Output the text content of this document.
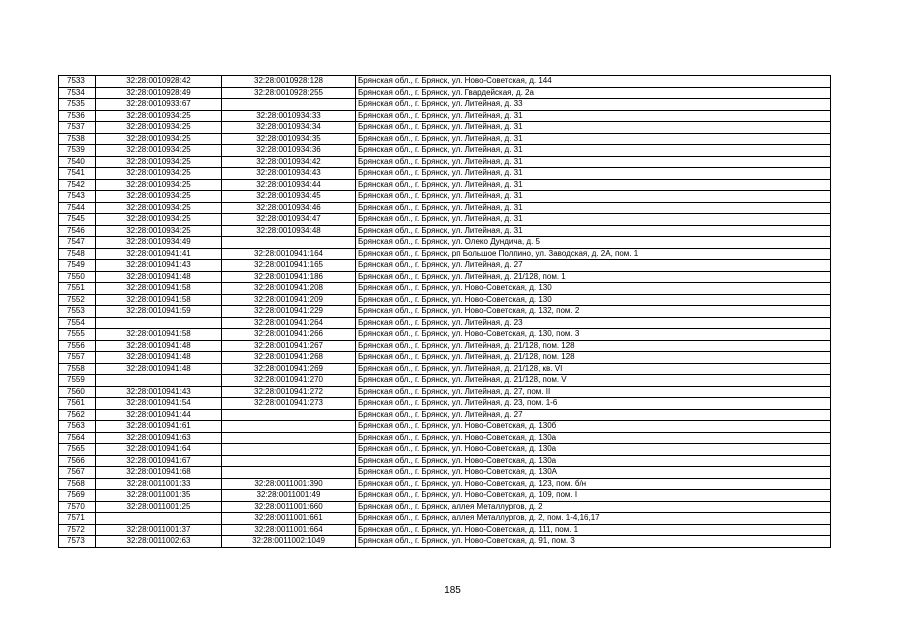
7533	32:28:0010928:42	32:28:0010928:128	Брянская обл., г. Брянск, ул. Ново-Советская, д. 144
7534	32:28:0010928:49	32:28:0010928:255	Брянская обл., г. Брянск, ул. Гвардейская, д. 2а
7535	32:28:0010933:67		Брянская обл., г. Брянск, ул. Литейная, д. 33
7536	32:28:0010934:25	32:28:0010934:33	Брянская обл., г. Брянск, ул. Литейная, д. 31
7537	32:28:0010934:25	32:28:0010934:34	Брянская обл., г. Брянск, ул. Литейная, д. 31
7538	32:28:0010934:25	32:28:0010934:35	Брянская обл., г. Брянск, ул. Литейная, д. 31
7539	32:28:0010934:25	32:28:0010934:36	Брянская обл., г. Брянск, ул. Литейная, д. 31
7540	32:28:0010934:25	32:28:0010934:42	Брянская обл., г. Брянск, ул. Литейная, д. 31
7541	32:28:0010934:25	32:28:0010934:43	Брянская обл., г. Брянск, ул. Литейная, д. 31
7542	32:28:0010934:25	32:28:0010934:44	Брянская обл., г. Брянск, ул. Литейная, д. 31
7543	32:28:0010934:25	32:28:0010934:45	Брянская обл., г. Брянск, ул. Литейная, д. 31
7544	32:28:0010934:25	32:28:0010934:46	Брянская обл., г. Брянск, ул. Литейная, д. 31
7545	32:28:0010934:25	32:28:0010934:47	Брянская обл., г. Брянск, ул. Литейная, д. 31
7546	32:28:0010934:25	32:28:0010934:48	Брянская обл., г. Брянск, ул. Литейная, д. 31
7547	32:28:0010934:49		Брянская обл., г. Брянск, ул. Олеко Дундича, д. 5
7548	32:28:0010941:41	32:28:0010941:164	Брянская обл., г. Брянск, рп Большое Полпино, ул. Заводская, д. 2А, пом. 1
7549	32:28:0010941:43	32:28:0010941:165	Брянская обл., г. Брянск, ул. Литейная, д. 27
7550	32:28:0010941:48	32:28:0010941:186	Брянская обл., г. Брянск, ул. Литейная, д. 21/128, пом. 1
7551	32:28:0010941:58	32:28:0010941:208	Брянская обл., г. Брянск, ул. Ново-Советская, д. 130
7552	32:28:0010941:58	32:28:0010941:209	Брянская обл., г. Брянск, ул. Ново-Советская, д. 130
7553	32:28:0010941:59	32:28:0010941:229	Брянская обл., г. Брянск, ул. Ново-Советская, д. 132, пом. 2
7554		32:28:0010941:264	Брянская обл., г. Брянск, ул. Литейная, д. 23
7555	32:28:0010941:58	32:28:0010941:266	Брянская обл., г. Брянск, ул. Ново-Советская, д. 130, пом. 3
7556	32:28:0010941:48	32:28:0010941:267	Брянская обл., г. Брянск, ул. Литейная, д. 21/128, пом. 128
7557	32:28:0010941:48	32:28:0010941:268	Брянская обл., г. Брянск, ул. Литейная, д. 21/128, пом. 128
7558	32:28:0010941:48	32:28:0010941:269	Брянская обл., г. Брянск, ул. Литейная, д. 21/128, кв. VI
7559		32:28:0010941:270	Брянская обл., г. Брянск, ул. Литейная, д. 21/128, пом. V
7560	32:28:0010941:43	32:28:0010941:272	Брянская обл., г. Брянск, ул. Литейная, д. 27, пом. II
7561	32:28:0010941:54	32:28:0010941:273	Брянская обл., г. Брянск, ул. Литейная, д. 23, пом. 1-6
7562	32:28:0010941:44		Брянская обл., г. Брянск, ул. Литейная, д. 27
7563	32:28:0010941:61		Брянская обл., г. Брянск, ул. Ново-Советская, д. 130б
7564	32:28:0010941:63		Брянская обл., г. Брянск, ул. Ново-Советская, д. 130а
7565	32:28:0010941:64		Брянская обл., г. Брянск, ул. Ново-Советская, д. 130а
7566	32:28:0010941:67		Брянская обл., г. Брянск, ул. Ново-Советская, д. 130а
7567	32:28:0010941:68		Брянская обл., г. Брянск, ул. Ново-Советская, д. 130А
7568	32:28:0011001:33	32:28:0011001:390	Брянская обл., г. Брянск, ул. Ново-Советская, д. 123, пом. б/н
7569	32:28:0011001:35	32:28:0011001:49	Брянская обл., г. Брянск, ул. Ново-Советская, д. 109, пом. I
7570	32:28:0011001:25	32:28:0011001:660	Брянская обл., г. Брянск, аллея Металлургов, д. 2
7571		32:28:0011001:661	Брянская обл., г. Брянск, аллея Металлургов, д. 2, пом. 1-4,16,17
7572	32:28:0011001:37	32:28:0011001:664	Брянская обл., г. Брянск, ул. Ново-Советская, д. 111, пом. 1
7573	32:28:0011002:63	32:28:0011002:1049	Брянская обл., г. Брянск, ул. Ново-Советская, д. 91, пом. 3
185
